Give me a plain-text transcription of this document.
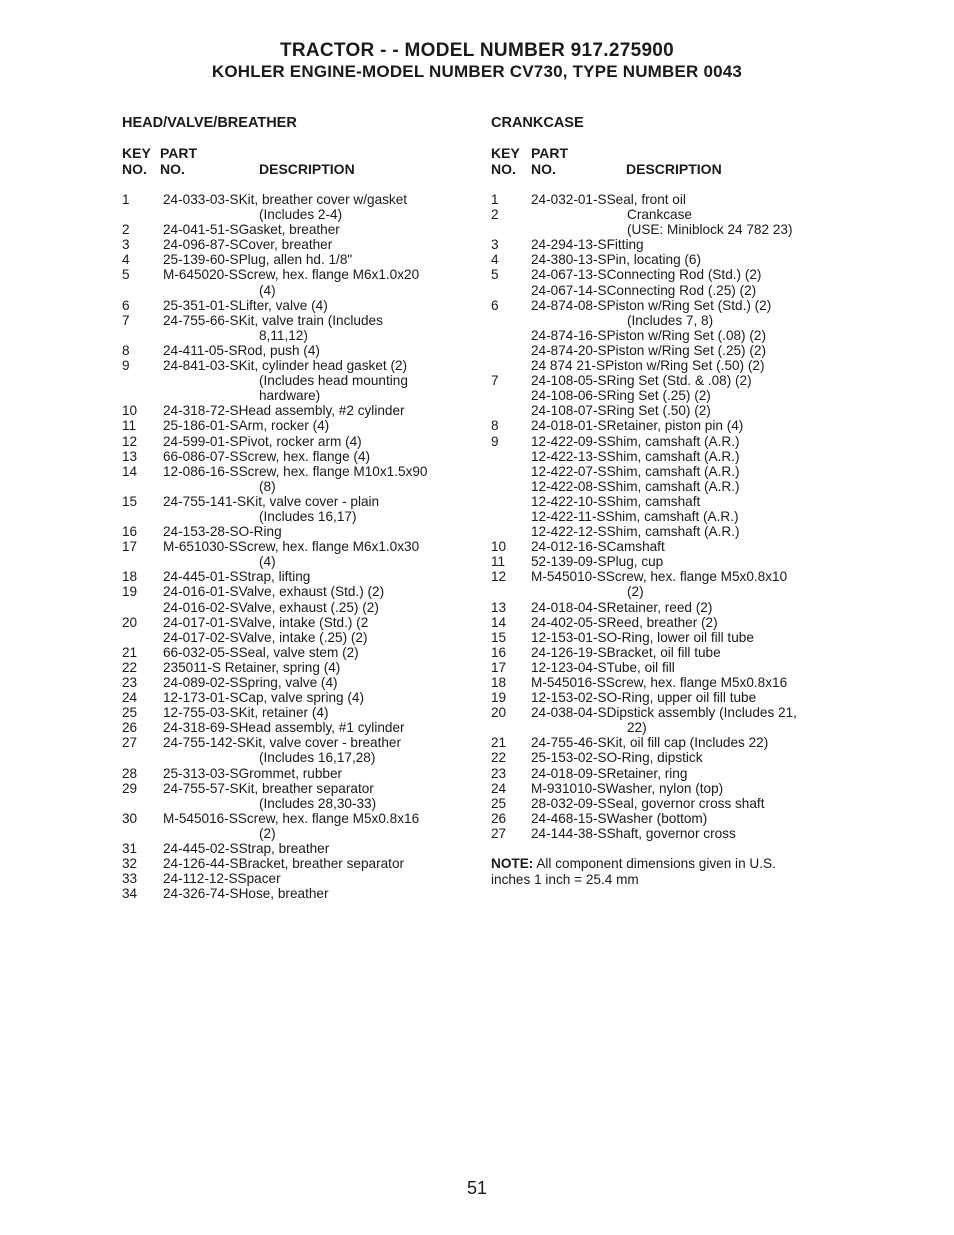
TRACTOR - - MODEL NUMBER 917.275900
KOHLER ENGINE-MODEL NUMBER CV730, TYPE NUMBER 0043
HEAD/VALVE/BREATHER
KEY
NO.
PART
NO.	DESCRIPTION
1	24-033-03-SKit, breather cover w/gasket
(Includes 2-4)
2	24-041-51-SGasket, breather
3	24-096-87-SCover, breather
4	25-139-60-SPlug, allen hd. 1/8"
5	M-645020-SScrew, hex. flange M6x1.0x20
(4)
6	25-351-01-SLifter, valve (4)
7	24-755-66-SKit, valve train (Includes
8,11,12)
8	24-411-05-SRod, push (4)
9	24-841-03-SKit, cylinder head gasket (2)
(Includes head mounting
hardware)
10	24-318-72-SHead assembly, #2 cylinder
11	25-186-01-SArm, rocker (4)
12	24-599-01-SPivot, rocker arm (4)
13	66-086-07-SScrew, hex. flange (4)
14	12-086-16-SScrew, hex. flange M10x1.5x90
(8)
15	24-755-141-SKit, valve cover - plain
(Includes 16,17)
16	24-153-28-SO-Ring
17	M-651030-SScrew, hex. flange M6x1.0x30
(4)
18	24-445-01-SStrap, lifting
19	24-016-01-SValve, exhaust (Std.) (2)
24-016-02-SValve, exhaust (.25) (2)
20	24-017-01-SValve, intake (Std.) (2
24-017-02-SValve, intake (.25) (2)
21	66-032-05-SSeal, valve stem (2)
22	235011-S Retainer, spring (4)
23	24-089-02-SSpring, valve (4)
24	12-173-01-SCap, valve spring (4)
25	12-755-03-SKit, retainer (4)
26	24-318-69-SHead assembly, #1 cylinder
27	24-755-142-SKit, valve cover - breather
(Includes 16,17,28)
28	25-313-03-SGrommet, rubber
29	24-755-57-SKit, breather separator
(Includes 28,30-33)
30	M-545016-SScrew, hex. flange M5x0.8x16
(2)
31	24-445-02-SStrap, breather
32	24-126-44-SBracket, breather separator
33	24-112-12-SSpacer
34	24-326-74-SHose, breather
CRANKCASE
KEY
NO.
PART
NO.	DESCRIPTION
1	24-032-01-SSeal, front oil
2	Crankcase
(USE: Miniblock 24 782 23)
3	24-294-13-SFitting
4	24-380-13-SPin, locating (6)
5	24-067-13-SConnecting Rod (Std.) (2)
24-067-14-SConnecting Rod (.25) (2)
6	24-874-08-SPiston w/Ring Set (Std.) (2)
(Includes 7, 8)
24-874-16-SPiston w/Ring Set (.08) (2)
24-874-20-SPiston w/Ring Set (.25) (2)
24 874 21-SPiston w/Ring Set (.50) (2)
7	24-108-05-SRing Set (Std. & .08) (2)
24-108-06-SRing Set (.25) (2)
24-108-07-SRing Set (.50) (2)
8	24-018-01-SRetainer, piston pin (4)
9	12-422-09-SShim, camshaft (A.R.)
12-422-13-SShim, camshaft (A.R.)
12-422-07-SShim, camshaft (A.R.)
12-422-08-SShim, camshaft (A.R.)
12-422-10-SShim, camshaft
12-422-11-SShim, camshaft (A.R.)
12-422-12-SShim, camshaft (A.R.)
10	24-012-16-SCamshaft
11	52-139-09-SPlug, cup
12	M-545010-SScrew, hex. flange M5x0.8x10
(2)
13	24-018-04-SRetainer, reed (2)
14	24-402-05-SReed, breather (2)
15	12-153-01-SO-Ring, lower oil fill tube
16	24-126-19-SBracket, oil fill tube
17	12-123-04-STube, oil fill
18	M-545016-SScrew, hex. flange M5x0.8x16
19	12-153-02-SO-Ring, upper oil fill tube
20	24-038-04-SDipstick assembly (Includes 21,
22)
21	24-755-46-SKit, oil fill cap (Includes 22)
22	25-153-02-SO-Ring, dipstick
23	24-018-09-SRetainer, ring
24	M-931010-SWasher, nylon (top)
25	28-032-09-SSeal, governor cross shaft
26	24-468-15-SWasher (bottom)
27	24-144-38-SShaft, governor cross
NOTE: All component dimensions given in U.S.
inches 1 inch = 25.4 mm
51
